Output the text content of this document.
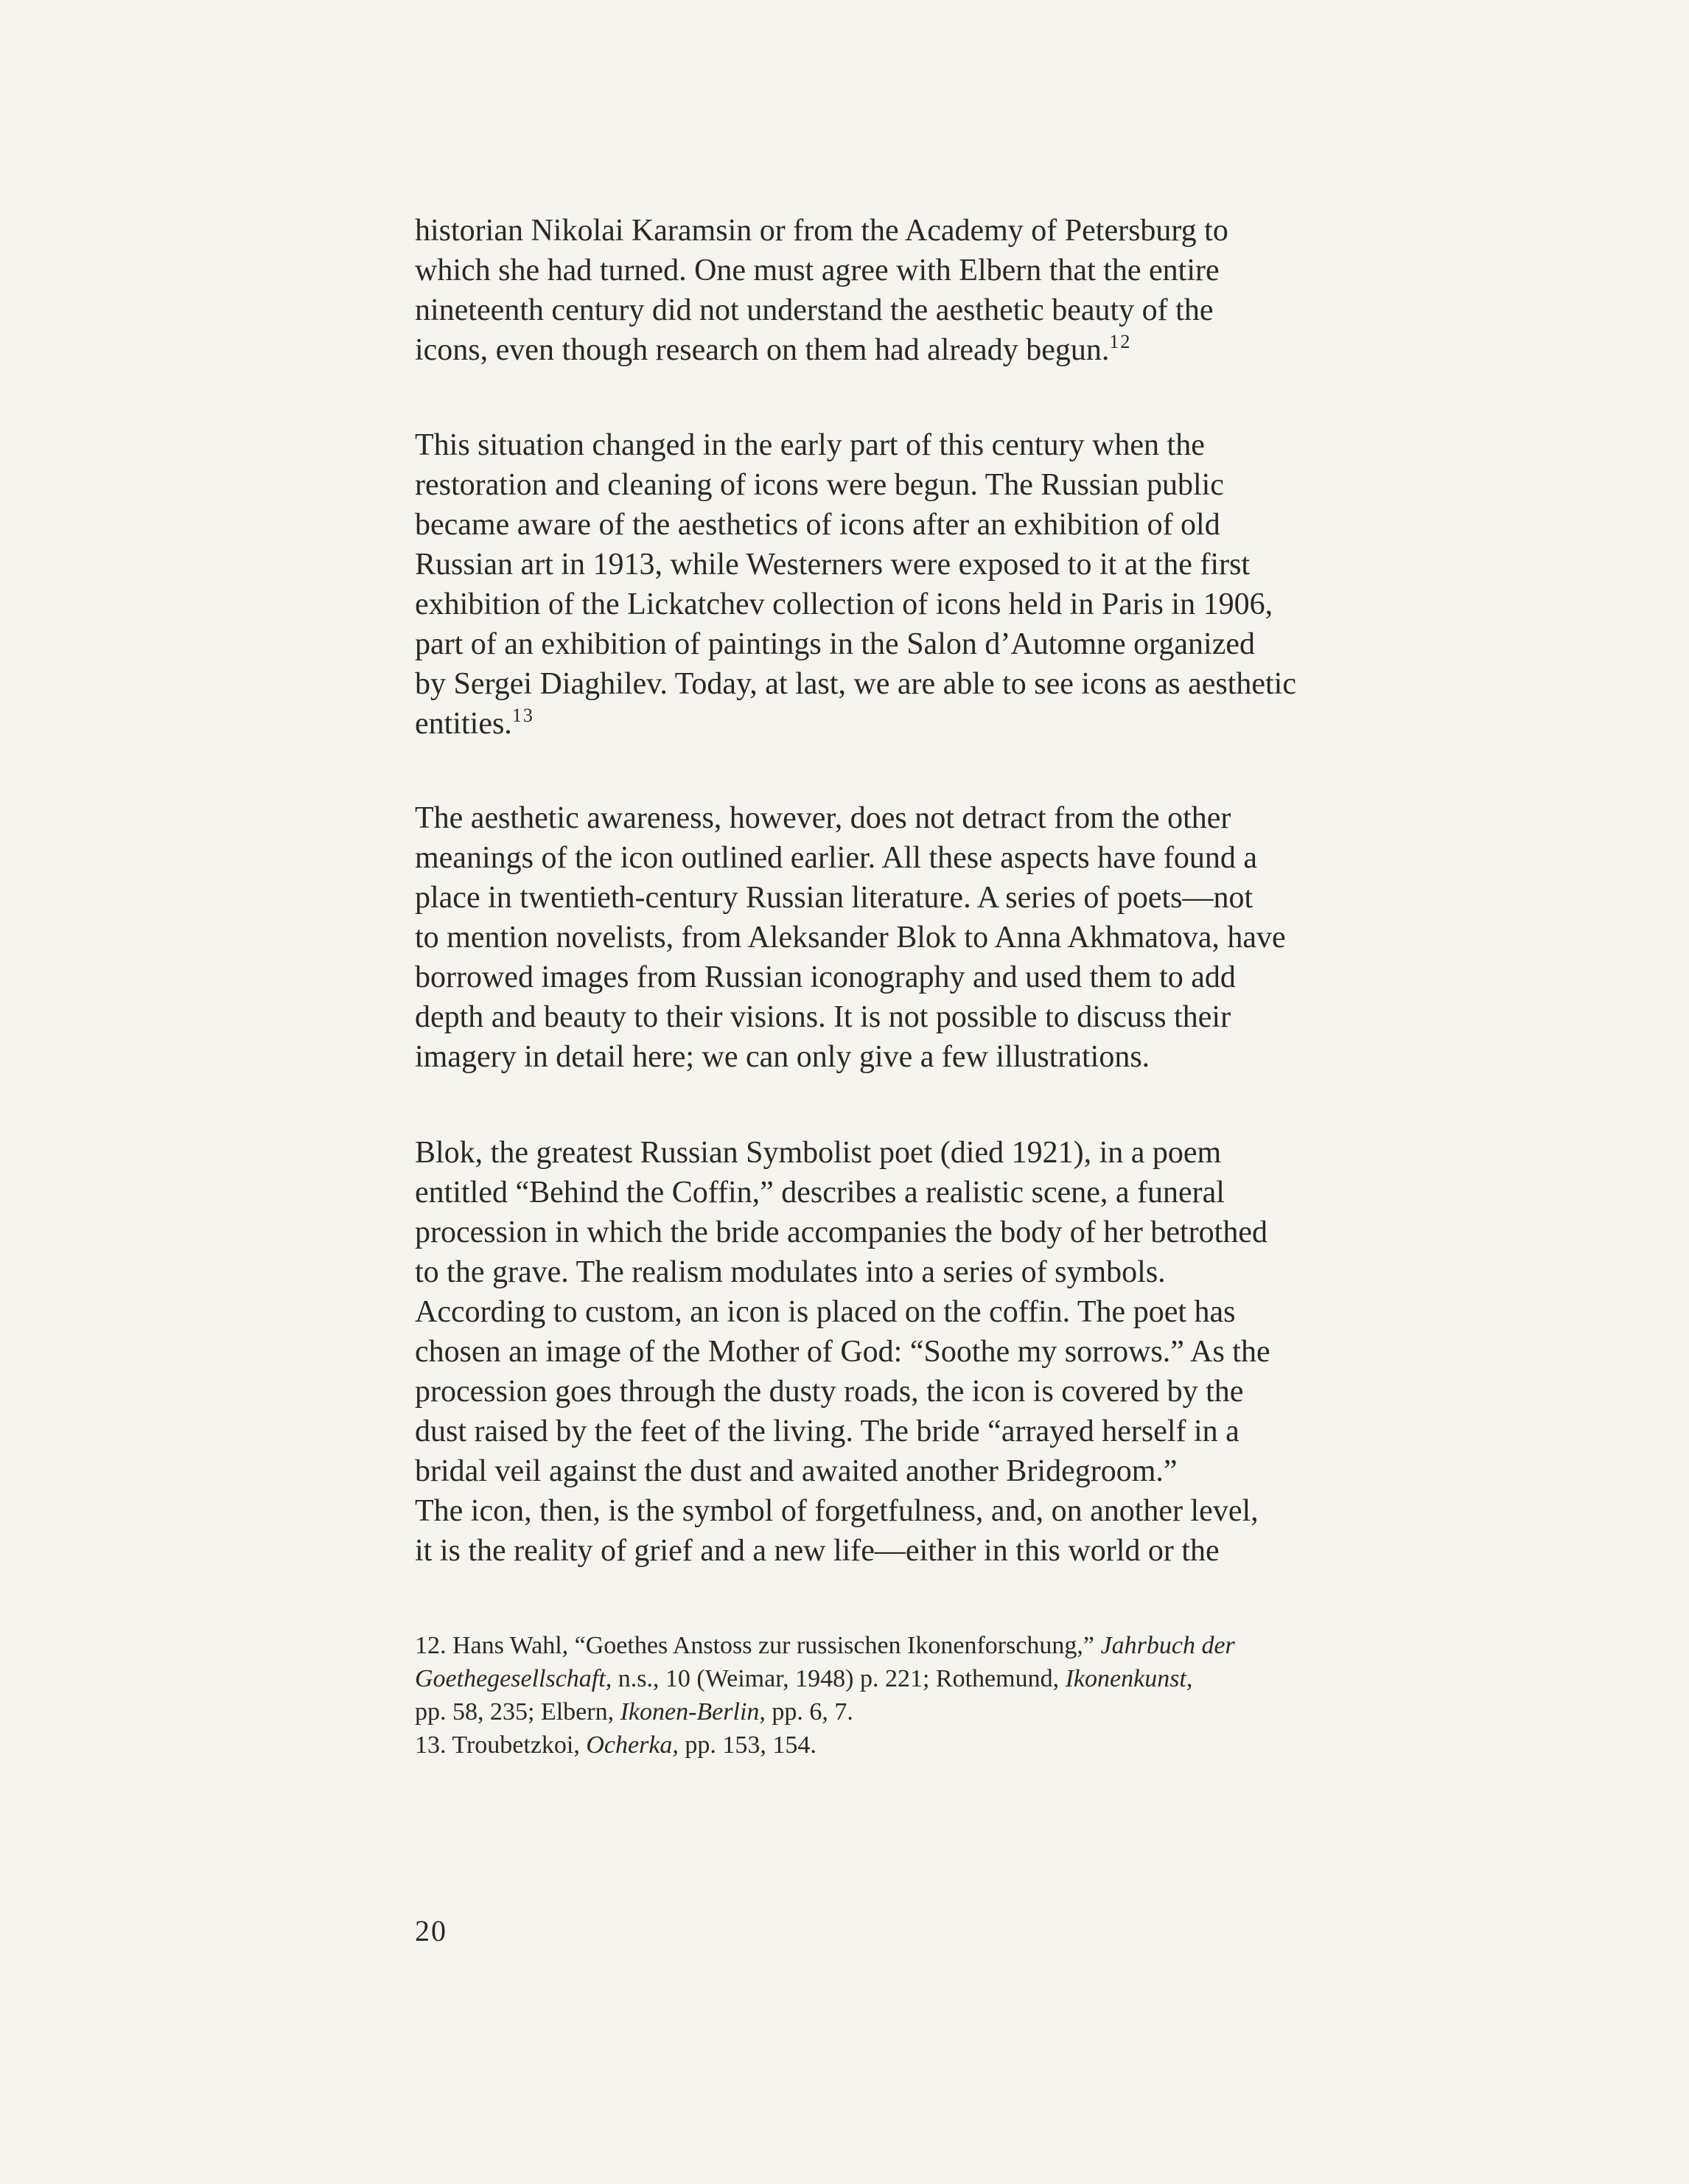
historian Nikolai Karamsin or from the Academy of Petersburg to
which she had turned. One must agree with Elbern that the entire
nineteenth century did not understand the aesthetic beauty of the
icons, even though research on them had already begun.$^{12}$
This situation changed in the early part of this century when the
restoration and cleaning of icons were begun. The Russian public
became aware of the aesthetics of icons after an exhibition of old
Russian art in 1913, while Westerners were exposed to it at the first
exhibition of the Lickatchev collection of icons held in Paris in 1906,
part of an exhibition of paintings in the Salon d’Automne organized
by Sergei Diaghilev. Today, at last, we are able to see icons as aesthetic
entities.$^{13}$
The aesthetic awareness, however, does not detract from the other
meanings of the icon outlined earlier. All these aspects have found a
place in twentieth-century Russian literature. A series of poets—not
to mention novelists, from Aleksander Blok to Anna Akhmatova, have
borrowed images from Russian iconography and used them to add
depth and beauty to their visions. It is not possible to discuss their
imagery in detail here; we can only give a few illustrations.
Blok, the greatest Russian Symbolist poet (died 1921), in a poem
entitled “Behind the Coffin,” describes a realistic scene, a funeral
procession in which the bride accompanies the body of her betrothed
to the grave. The realism modulates into a series of symbols.
According to custom, an icon is placed on the coffin. The poet has
chosen an image of the Mother of God: “Soothe my sorrows.” As the
procession goes through the dusty roads, the icon is covered by the
dust raised by the feet of the living. The bride “arrayed herself in a
bridal veil against the dust and awaited another Bridegroom.”
The icon, then, is the symbol of forgetfulness, and, on another level,
it is the reality of grief and a new life—either in this world or the
12. Hans Wahl, “Goethes Anstoss zur russischen Ikonenforschung,” Jahrbuch der
Goethegesellschaft, n.s., 10 (Weimar, 1948) p. 221; Rothemund, Ikonenkunst,
pp. 58, 235; Elbern, Ikonen-Berlin, pp. 6, 7.
13. Troubetzkoi, Ocherka, pp. 153, 154.
20
